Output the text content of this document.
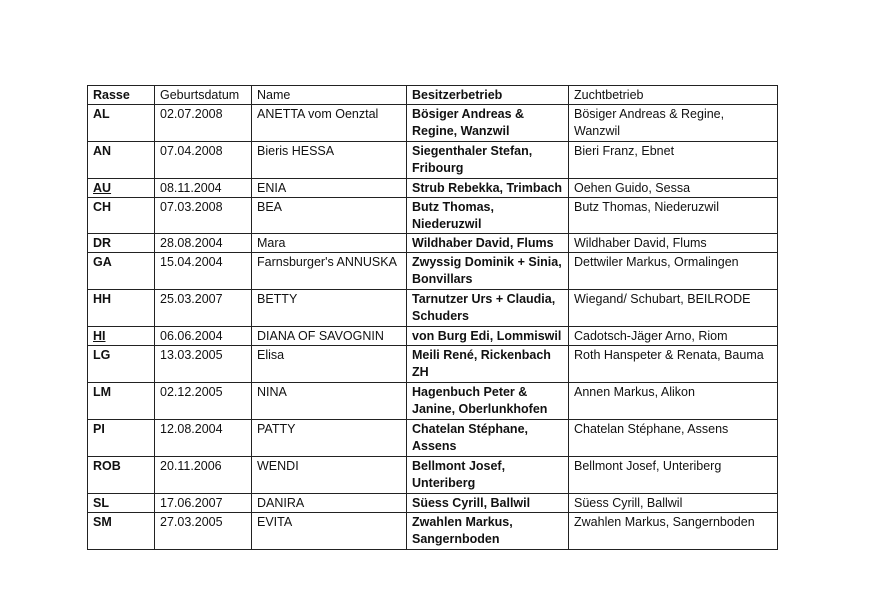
Rasse	Geburtsdatum	Name	Besitzerbetrieb	Zuchtbetrieb
AL	02.07.2008	ANETTA vom Oenztal	Bösiger Andreas & Regine, Wanzwil	Bösiger Andreas & Regine, Wanzwil
AN	07.04.2008	Bieris HESSA	Siegenthaler Stefan, Fribourg	Bieri Franz, Ebnet
AU	08.11.2004	ENIA	Strub Rebekka, Trimbach	Oehen Guido, Sessa
CH	07.03.2008	BEA	Butz Thomas, Niederuzwil	Butz Thomas, Niederuzwil
DR	28.08.2004	Mara	Wildhaber David, Flums	Wildhaber David, Flums
GA	15.04.2004	Farnsburger's ANNUSKA	Zwyssig Dominik + Sinia, Bonvillars	Dettwiler Markus, Ormalingen
HH	25.03.2007	BETTY	Tarnutzer Urs + Claudia, Schuders	Wiegand/ Schubart, BEILRODE
HI	06.06.2004	DIANA OF SAVOGNIN	von Burg Edi, Lommiswil	Cadotsch-Jäger Arno, Riom
LG	13.03.2005	Elisa	Meili René, Rickenbach ZH	Roth Hanspeter & Renata, Bauma
LM	02.12.2005	NINA	Hagenbuch Peter & Janine, Oberlunkhofen	Annen Markus, Alikon
PI	12.08.2004	PATTY	Chatelan Stéphane, Assens	Chatelan Stéphane, Assens
ROB	20.11.2006	WENDI	Bellmont Josef, Unteriberg	Bellmont Josef, Unteriberg
SL	17.06.2007	DANIRA	Süess Cyrill, Ballwil	Süess Cyrill, Ballwil
SM	27.03.2005	EVITA	Zwahlen Markus, Sangernboden	Zwahlen Markus, Sangernboden
